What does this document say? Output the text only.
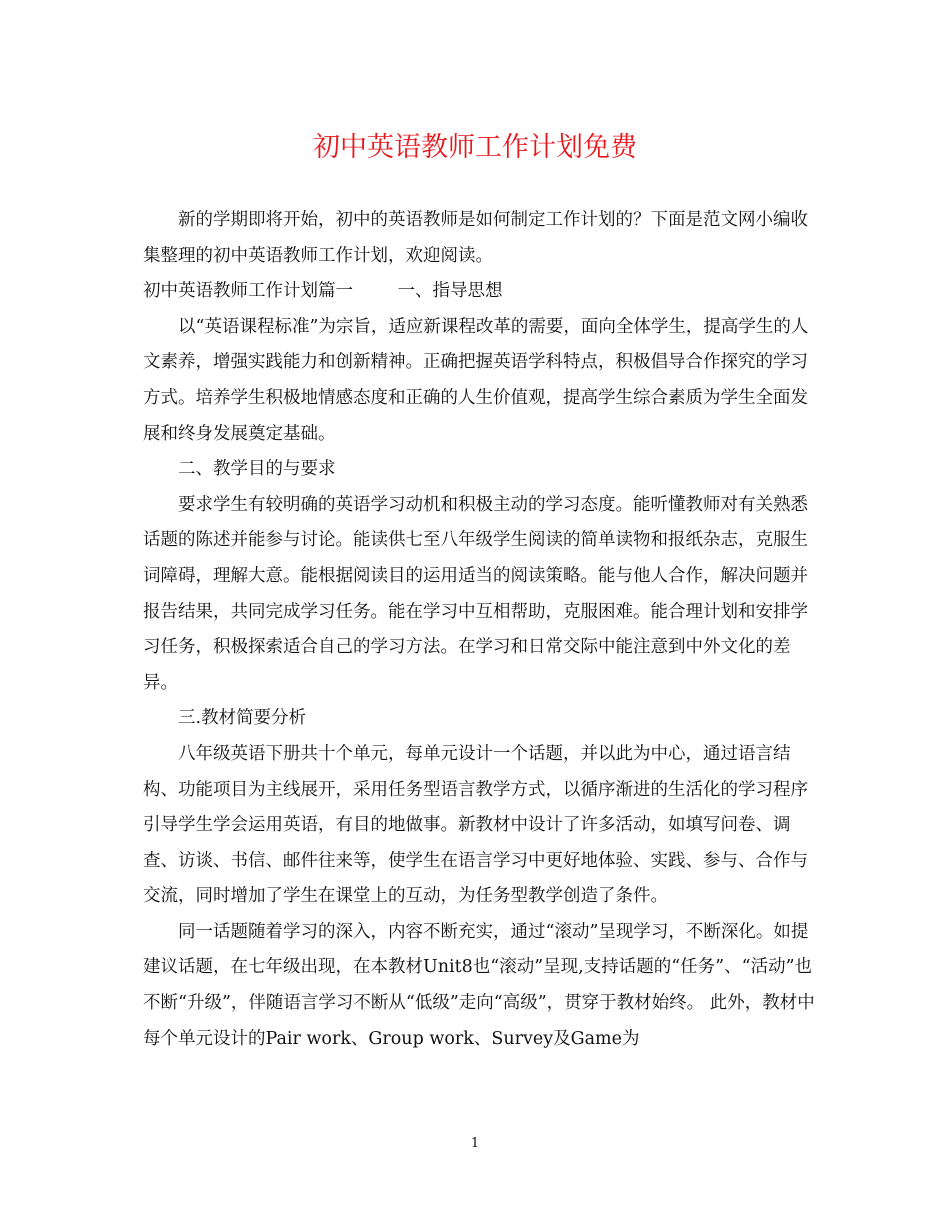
初中英语教师工作计划免费

新的学期即将开始，初中的英语教师是如何制定工作计划的？下面是范文网小编收集整理的初中英语教师工作计划，欢迎阅读。

初中英语教师工作计划篇一        一、指导思想

以“英语课程标准”为宗旨，适应新课程改革的需要，面向全体学生，提高学生的人文素养，增强实践能力和创新精神。正确把握英语学科特点，积极倡导合作探究的学习方式。培养学生积极地情感态度和正确的人生价值观，提高学生综合素质为学生全面发展和终身发展奠定基础。

二、教学目的与要求

要求学生有较明确的英语学习动机和积极主动的学习态度。能听懂教师对有关熟悉话题的陈述并能参与讨论。能读供七至八年级学生阅读的简单读物和报纸杂志，克服生词障碍，理解大意。能根据阅读目的运用适当的阅读策略。能与他人合作，解决问题并报告结果，共同完成学习任务。能在学习中互相帮助，克服困难。能合理计划和安排学习任务，积极探索适合自己的学习方法。在学习和日常交际中能注意到中外文化的差异。

三.教材简要分析

八年级英语下册共十个单元，每单元设计一个话题，并以此为中心，通过语言结构、功能项目为主线展开，采用任务型语言教学方式，以循序渐进的生活化的学习程序引导学生学会运用英语，有目的地做事。新教材中设计了许多活动，如填写问卷、调查、访谈、书信、邮件往来等，使学生在语言学习中更好地体验、实践、参与、合作与交流，同时增加了学生在课堂上的互动，为任务型教学创造了条件。

同一话题随着学习的深入，内容不断充实，通过“滚动”呈现学习，不断深化。如提建议话题，在七年级出现，在本教材Unit8也“滚动”呈现,支持话题的“任务”、“活动”也不断“升级”，伴随语言学习不断从“低级”走向“高级”，贯穿于教材始终。 此外，教材中每个单元设计的Pair work、Group work、Survey及Game为

1
